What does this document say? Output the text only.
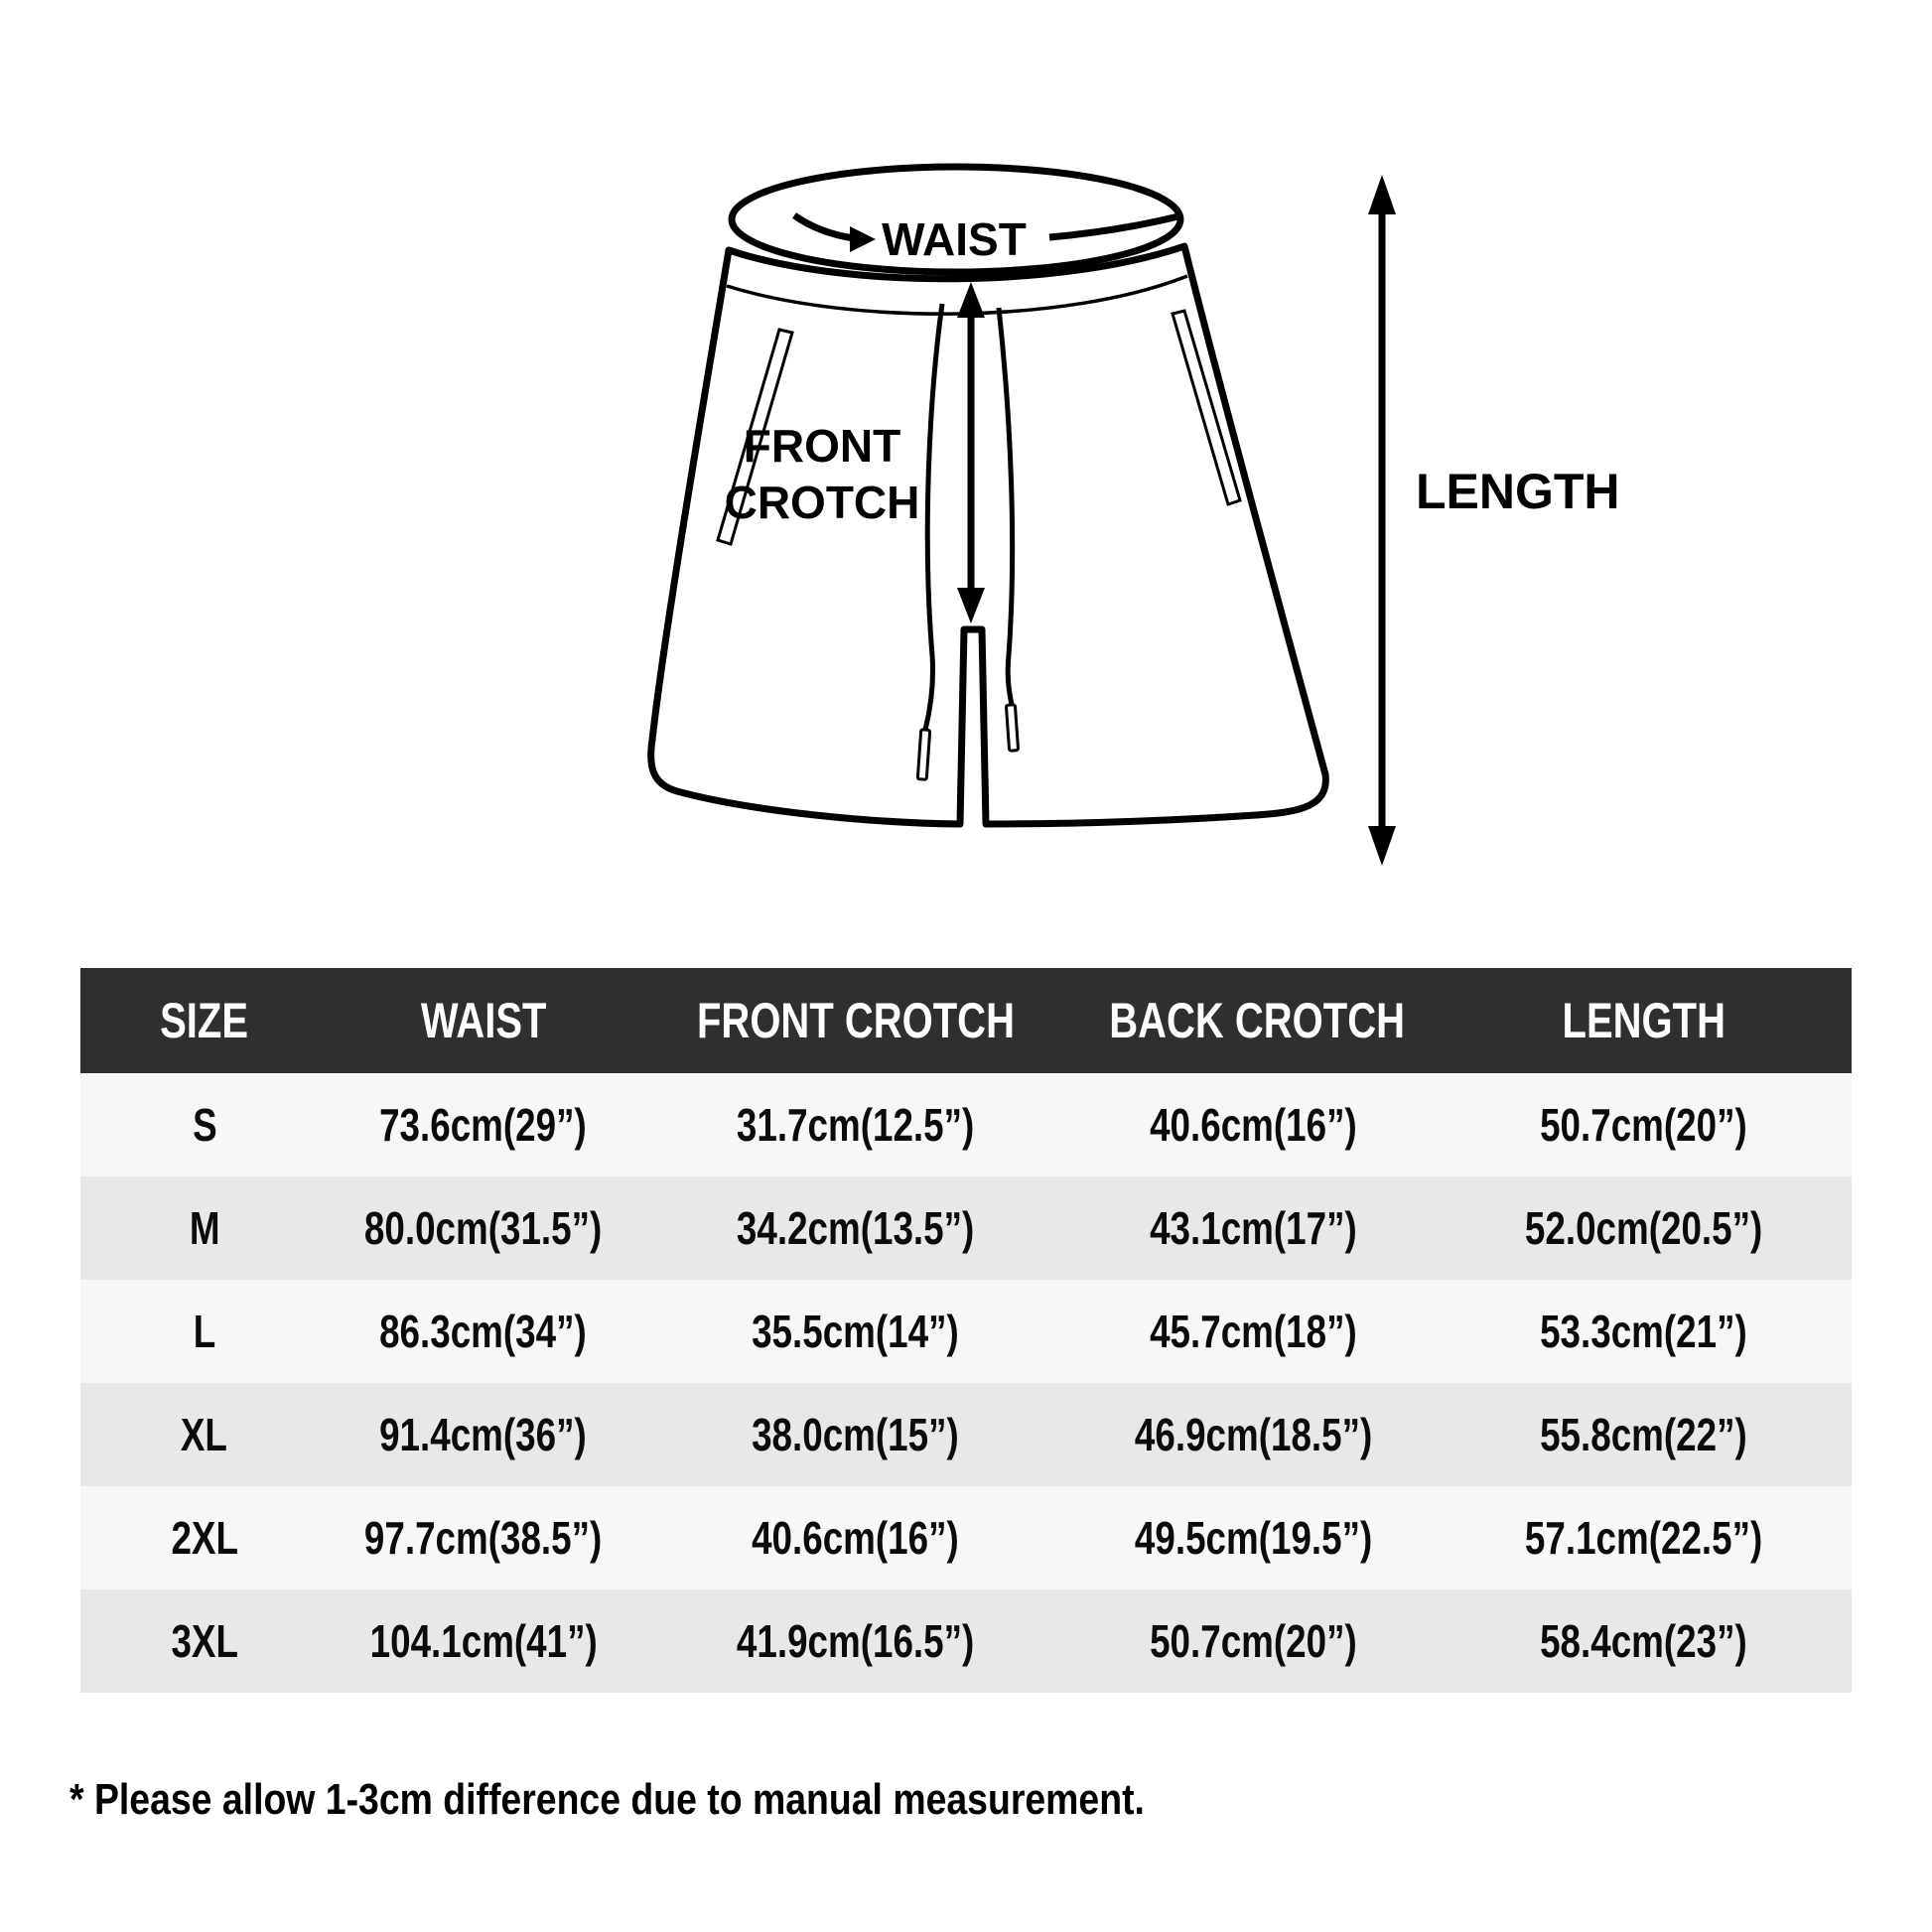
WAIST
FRONT
CROTCH	LENGTH
SIZE	WAIST	FRONT CROTCH	BACK CROTCH	LENGTH
S	73.6cm(29”)	31.7cm(12.5”)	40.6cm(16”)	50.7cm(20”)
M	80.0cm(31.5”)	34.2cm(13.5”)	43.1cm(17”)	52.0cm(20.5”)
L	86.3cm(34”)	35.5cm(14”)	45.7cm(18”)	53.3cm(21”)
XL	91.4cm(36”)	38.0cm(15”)	46.9cm(18.5”)	55.8cm(22”)
2XL	97.7cm(38.5”)	40.6cm(16”)	49.5cm(19.5”)	57.1cm(22.5”)
3XL	104.1cm(41”)	41.9cm(16.5”)	50.7cm(20”)	58.4cm(23”)
* Please allow 1-3cm difference due to manual measurement.
